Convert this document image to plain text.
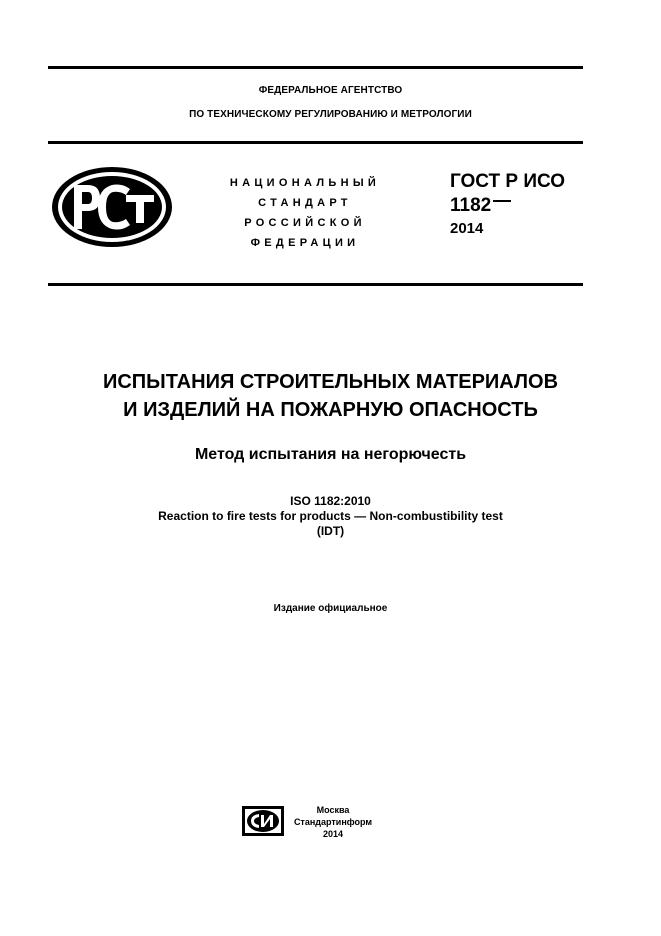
ФЕДЕРАЛЬНОЕ АГЕНТСТВО
ПО ТЕХНИЧЕСКОМУ РЕГУЛИРОВАНИЮ И МЕТРОЛОГИИ
НАЦИОНАЛЬНЫЙ
СТАНДАРТ
РОССИЙСКОЙ
ФЕДЕРАЦИИ
ГОСТ Р ИСО
1182
2014
ИСПЫТАНИЯ СТРОИТЕЛЬНЫХ МАТЕРИАЛОВ
И ИЗДЕЛИЙ НА ПОЖАРНУЮ ОПАСНОСТЬ
Метод испытания на негорючесть
ISO 1182:2010
Reaction to fire tests for products — Non-combustibility test
(IDT)
Издание официальное
Москва
Стандартинформ
2014
